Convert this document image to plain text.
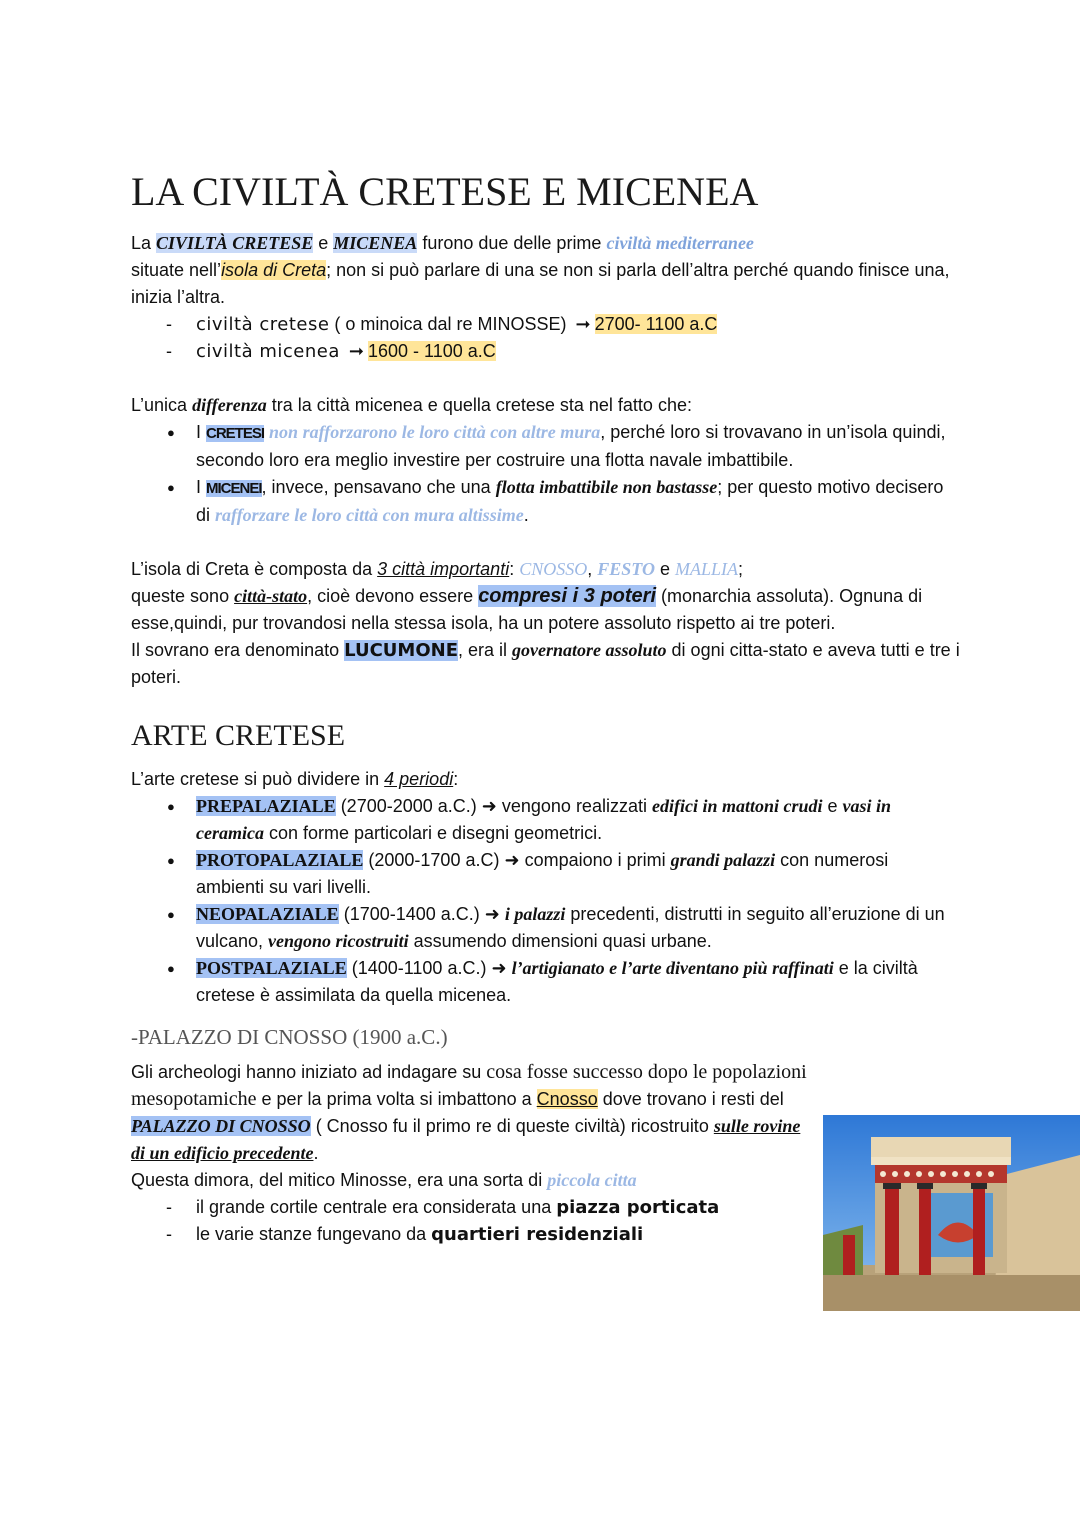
LA CIVILTÀ CRETESE E MICENEA

La CIVILTÀ CRETESE e MICENEA furono due delle prime civiltà mediterranee
situate nell’isola di Creta; non si può parlare di una se non si parla dell’altra perché quando finisce una, inizia l’altra.

- civiltà cretese ( o minoica dal re MINOSSE) ➞ 2700- 1100 a.C
- civiltà micenea ➞ 1600 - 1100 a.C

L’unica differenza tra la città micenea e quella cretese sta nel fatto che:

● I CRETESI non rafforzarono le loro città con altre mura, perché loro si trovavano in un’isola quindi, secondo loro era meglio investire per costruire una flotta navale imbattibile.
● I MICENEI, invece, pensavano che una flotta imbattibile non bastasse; per questo motivo decisero di rafforzare le loro città con mura altissime.

L’isola di Creta è composta da 3 città importanti: CNOSSO, FESTO e MALLIA;
queste sono città-stato, cioè devono essere compresi i 3 poteri (monarchia assoluta). Ognuna di esse,quindi, pur trovandosi nella stessa isola, ha un potere assoluto rispetto ai tre poteri.
Il sovrano era denominato LUCUMONE, era il governatore assoluto di ogni citta-stato e aveva tutti e tre i poteri.

ARTE CRETESE

L’arte cretese si può dividere in 4 periodi:

● PREPALAZIALE (2700-2000 a.C.) ➜ vengono realizzati edifici in mattoni crudi e vasi in ceramica con forme particolari e disegni geometrici.
● PROTOPALAZIALE (2000-1700 a.C) ➜ compaiono i primi grandi palazzi con numerosi ambienti su vari livelli.
● NEOPALAZIALE (1700-1400 a.C.) ➜ i palazzi precedenti, distrutti in seguito all’eruzione di un vulcano, vengono ricostruiti assumendo dimensioni quasi urbane.
● POSTPALAZIALE (1400-1100 a.C.) ➜ l’artigianato e l’arte diventano più raffinati e la civiltà cretese è assimilata da quella micenea.
-PALAZZO DI CNOSSO (1900 a.C.)

Gli archeologi hanno iniziato ad indagare su cosa fosse successo dopo le popolazioni mesopotamiche e per la prima volta si imbattono a Cnosso dove trovano i resti del PALAZZO DI CNOSSO ( Cnosso fu il primo re di queste civiltà) ricostruito sulle rovine di un edificio precedente.
Questa dimora, del mitico Minosse, era una sorta di piccola citta

- il grande cortile centrale era considerata una piazza porticata
- le varie stanze fungevano da quartieri residenziali
